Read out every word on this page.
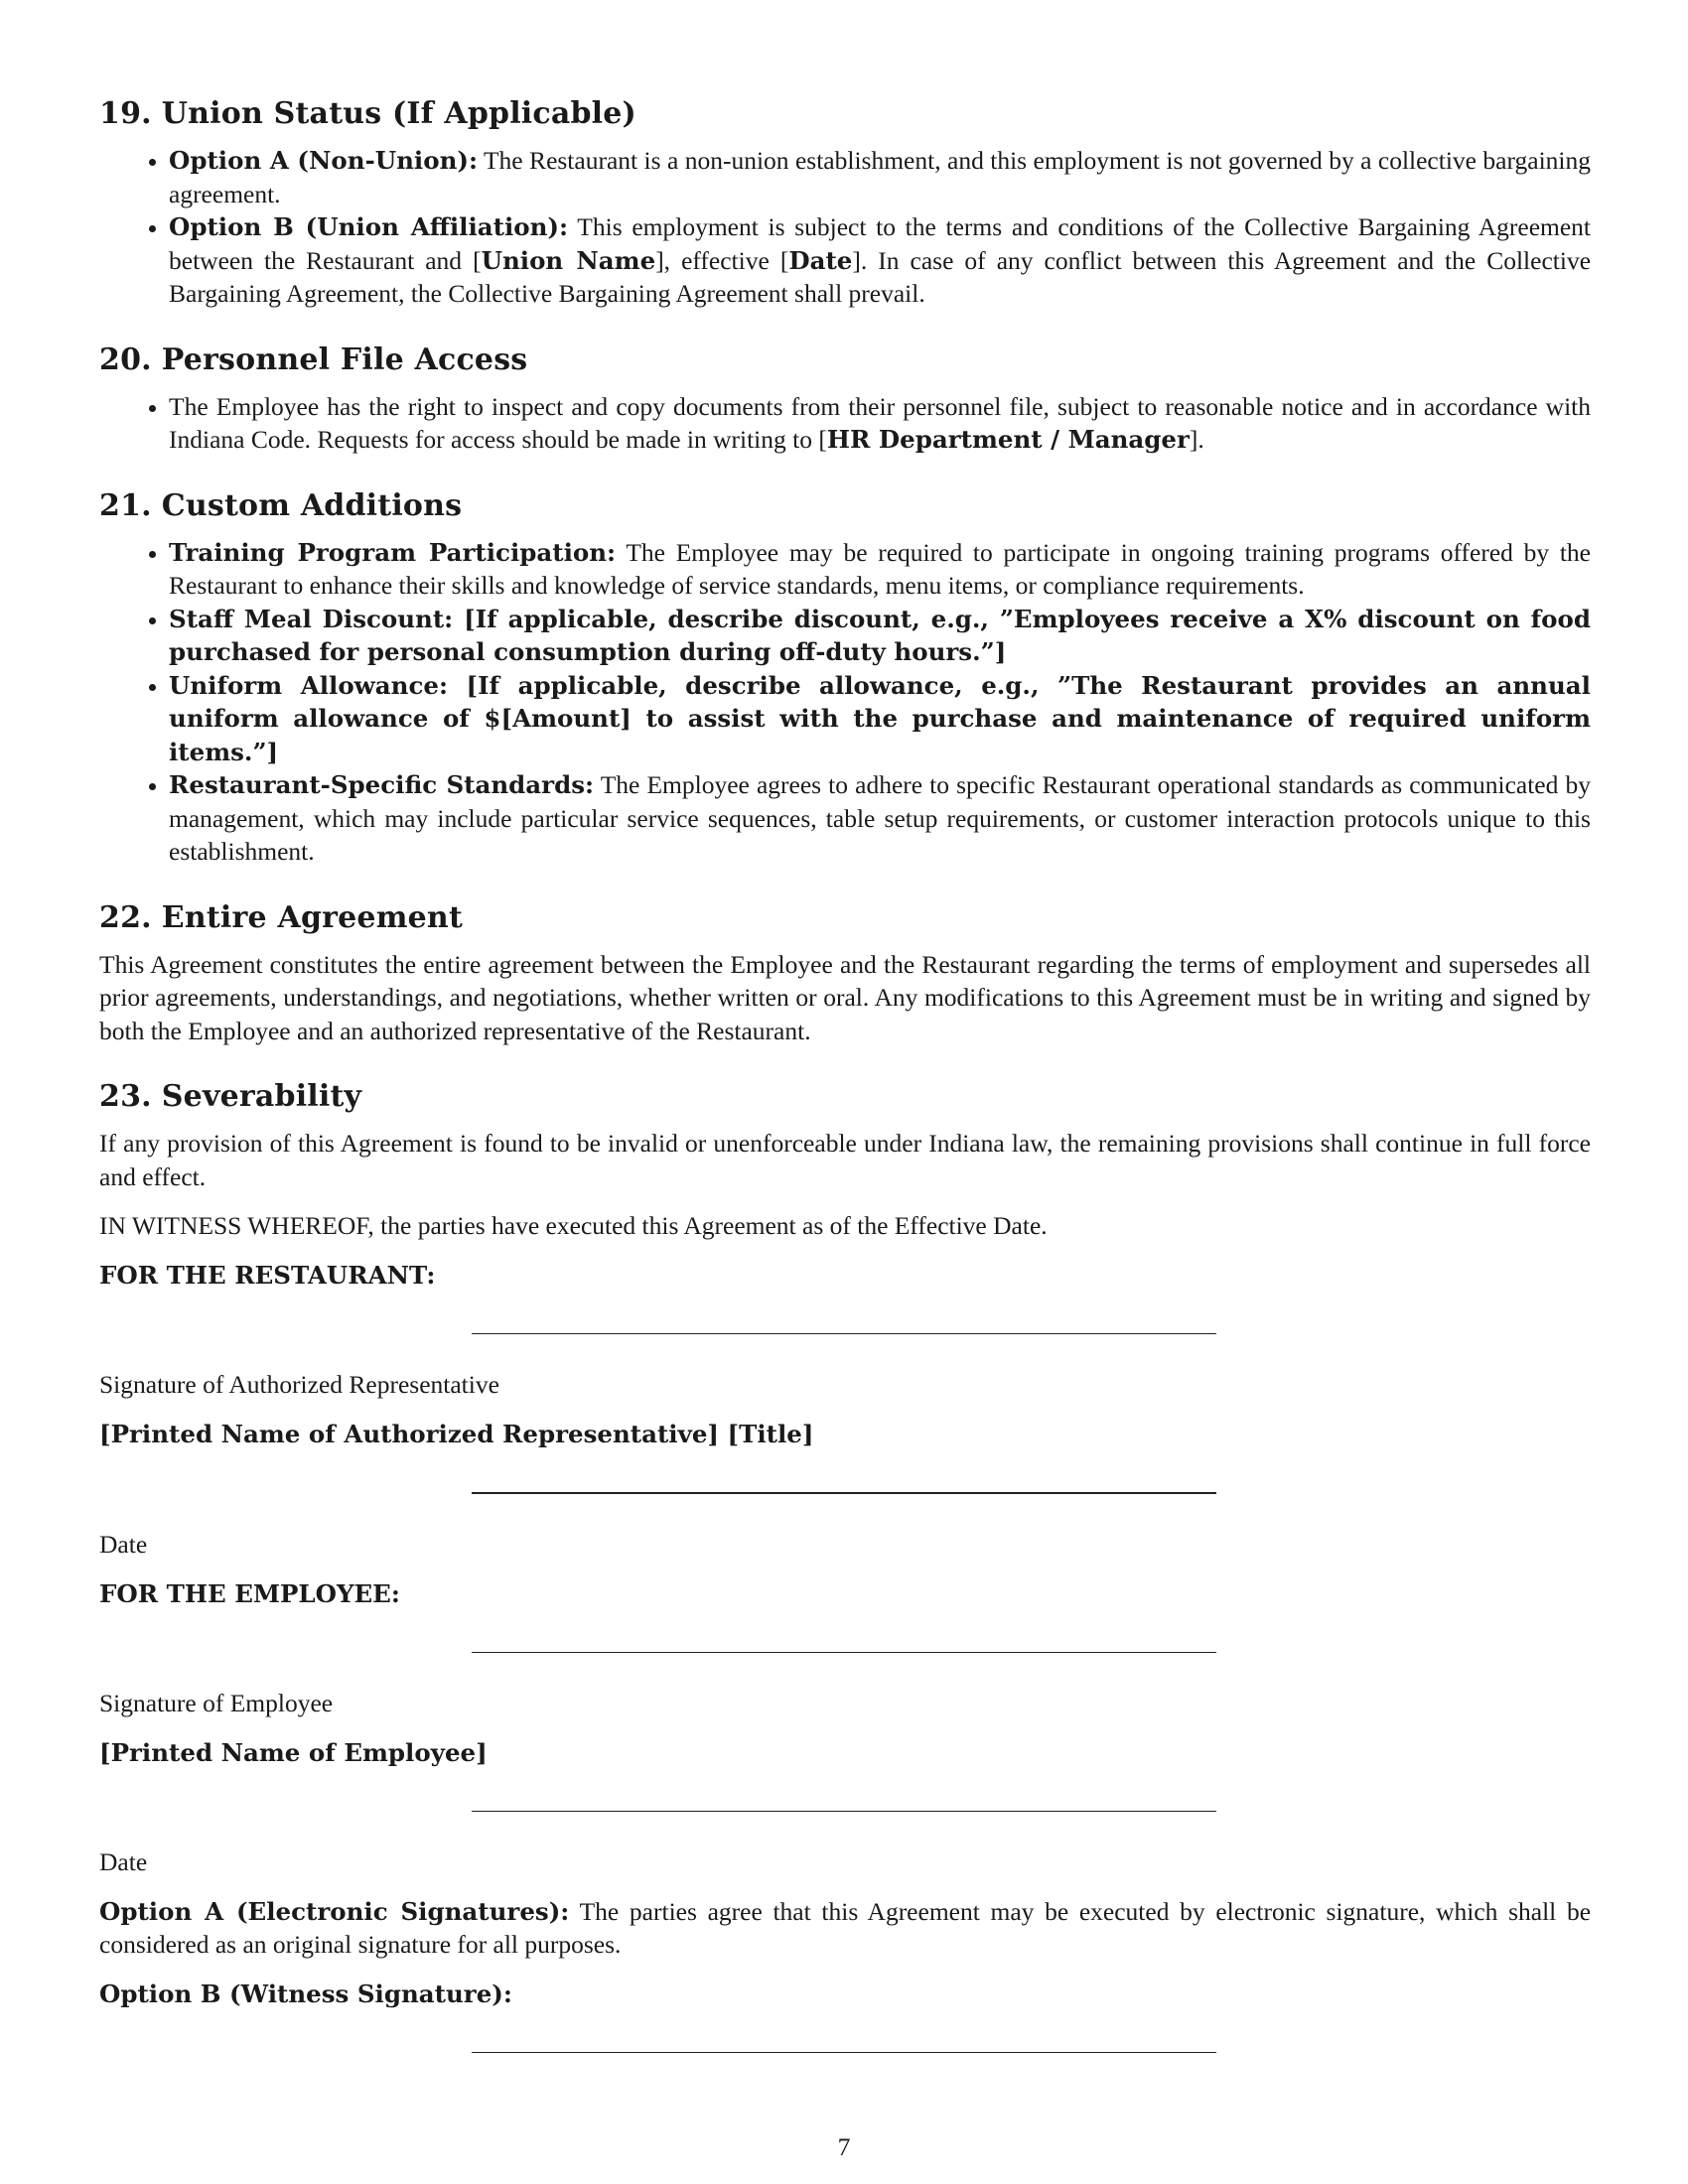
19. Union Status (If Applicable)
• Option A (Non-Union): The Restaurant is a non-union establishment, and this employment is not governed by a collective bargaining agreement.
• Option B (Union Affiliation): This employment is subject to the terms and conditions of the Collective Bargaining Agreement between the Restaurant and [Union Name], effective [Date]. In case of any conflict between this Agreement and the Collective Bargaining Agreement, the Collective Bargaining Agreement shall prevail.
20. Personnel File Access
• The Employee has the right to inspect and copy documents from their personnel file, subject to reasonable notice and in accordance with Indiana Code. Requests for access should be made in writing to [HR Department / Manager].
21. Custom Additions
• Training Program Participation: The Employee may be required to participate in ongoing training programs offered by the Restaurant to enhance their skills and knowledge of service standards, menu items, or compliance requirements.
• Staff Meal Discount: [If applicable, describe discount, e.g., ”Employees receive a X% discount on food purchased for personal consumption during off-duty hours.”]
• Uniform Allowance: [If applicable, describe allowance, e.g., ”The Restaurant provides an annual uniform allowance of $[Amount] to assist with the purchase and maintenance of required uniform items.”]
• Restaurant-Specific Standards: The Employee agrees to adhere to specific Restaurant operational standards as communicated by management, which may include particular service sequences, table setup requirements, or customer interaction protocols unique to this establishment.
22. Entire Agreement

This Agreement constitutes the entire agreement between the Employee and the Restaurant regarding the terms of employment and supersedes all prior agreements, understandings, and negotiations, whether written or oral. Any modifications to this Agreement must be in writing and signed by both the Employee and an authorized representative of the Restaurant.

23. Severability

If any provision of this Agreement is found to be invalid or unenforceable under Indiana law, the remaining provisions shall continue in full force and effect.

IN WITNESS WHEREOF, the parties have executed this Agreement as of the Effective Date.

FOR THE RESTAURANT:

Signature of Authorized Representative

[Printed Name of Authorized Representative] [Title]

Date

FOR THE EMPLOYEE:

Signature of Employee

[Printed Name of Employee]

Date

Option A (Electronic Signatures): The parties agree that this Agreement may be executed by electronic signature, which shall be considered as an original signature for all purposes.

Option B (Witness Signature):

7
